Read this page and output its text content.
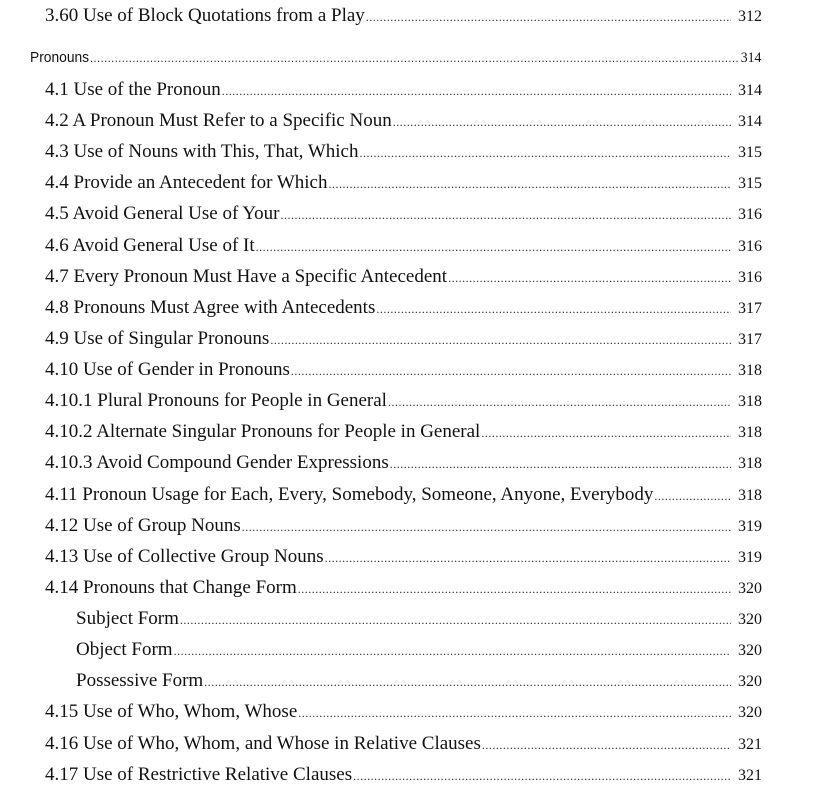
3.60 Use of Block Quotations from a Play .....	312
Pronouns .....	314
4.1 Use of the Pronoun .....	314
4.2 A Pronoun Must Refer to a Specific Noun .....	314
4.3 Use of Nouns with This, That, Which .....	315
4.4 Provide an Antecedent for Which .....	315
4.5 Avoid General Use of Your .....	316
4.6 Avoid General Use of It .....	316
4.7 Every Pronoun Must Have a Specific Antecedent .....	316
4.8 Pronouns Must Agree with Antecedents .....	317
4.9 Use of Singular Pronouns .....	317
4.10 Use of Gender in Pronouns .....	318
4.10.1 Plural Pronouns for People in General .....	318
4.10.2 Alternate Singular Pronouns for People in General .....	318
4.10.3 Avoid Compound Gender Expressions .....	318
4.11 Pronoun Usage for Each, Every, Somebody, Someone, Anyone, Everybody .....	318
4.12 Use of Group Nouns .....	319
4.13 Use of Collective Group Nouns .....	319
4.14 Pronouns that Change Form .....	320
Subject Form .....	320
Object Form .....	320
Possessive Form .....	320
4.15 Use of Who, Whom, Whose .....	320
4.16 Use of Who, Whom, and Whose in Relative Clauses .....	321
4.17 Use of Restrictive Relative Clauses .....	321
